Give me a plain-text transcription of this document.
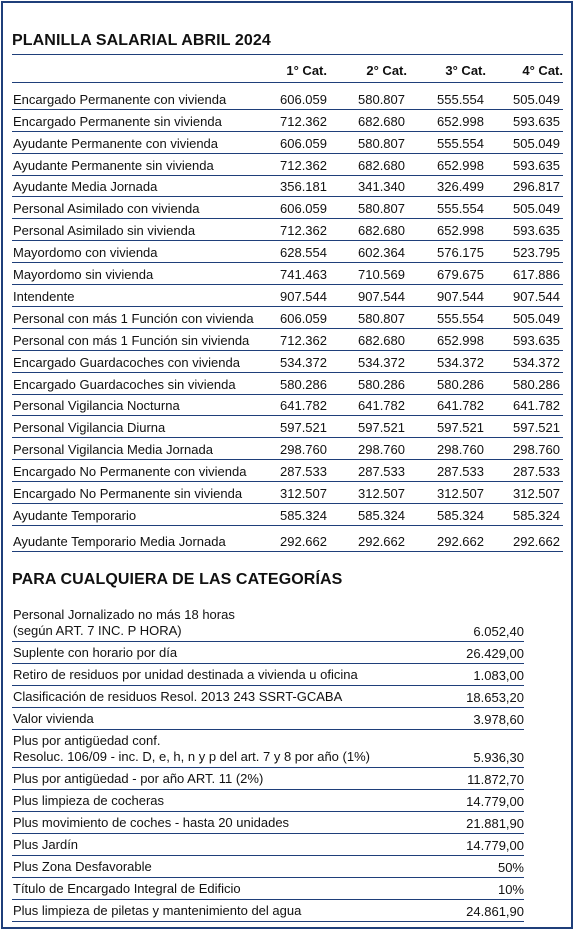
PLANILLA SALARIAL ABRIL 2024
1° Cat.	2° Cat.	3° Cat.	4° Cat.
Encargado Permanente con vivienda	606.059	580.807	555.554	505.049
Encargado Permanente sin vivienda	712.362	682.680	652.998	593.635
Ayudante Permanente con vivienda	606.059	580.807	555.554	505.049
Ayudante Permanente sin vivienda	712.362	682.680	652.998	593.635
Ayudante Media Jornada	356.181	341.340	326.499	296.817
Personal Asimilado con vivienda	606.059	580.807	555.554	505.049
Personal Asimilado sin vivienda	712.362	682.680	652.998	593.635
Mayordomo con vivienda	628.554	602.364	576.175	523.795
Mayordomo sin vivienda	741.463	710.569	679.675	617.886
Intendente	907.544	907.544	907.544	907.544
Personal con más 1 Función con vivienda	606.059	580.807	555.554	505.049
Personal con más 1 Función sin vivienda	712.362	682.680	652.998	593.635
Encargado Guardacoches con vivienda	534.372	534.372	534.372	534.372
Encargado Guardacoches sin vivienda	580.286	580.286	580.286	580.286
Personal Vigilancia Nocturna	641.782	641.782	641.782	641.782
Personal Vigilancia Diurna	597.521	597.521	597.521	597.521
Personal Vigilancia Media Jornada	298.760	298.760	298.760	298.760
Encargado No Permanente con vivienda	287.533	287.533	287.533	287.533
Encargado No Permanente sin vivienda	312.507	312.507	312.507	312.507
Ayudante Temporario	585.324	585.324	585.324	585.324
Ayudante Temporario Media Jornada	292.662	292.662	292.662	292.662
PARA CUALQUIERA DE LAS CATEGORÍAS
Personal Jornalizado no más 18 horas
(según ART. 7 INC. P HORA)	6.052,40
Suplente con horario por día	26.429,00
Retiro de residuos por unidad destinada a vivienda u oficina	1.083,00
Clasificación de residuos Resol. 2013 243 SSRT-GCABA	18.653,20
Valor vivienda	3.978,60
Plus por antigüedad conf.
Resoluc. 106/09 - inc. D, e, h, n y p del art. 7 y 8 por año (1%)	5.936,30
Plus por antigüedad - por año ART. 11 (2%)	11.872,70
Plus limpieza de cocheras	14.779,00
Plus movimiento de coches - hasta 20 unidades	21.881,90
Plus Jardín	14.779,00
Plus Zona Desfavorable	50%
Título de Encargado Integral de Edificio	10%
Plus limpieza de piletas y mantenimiento del agua	24.861,90
